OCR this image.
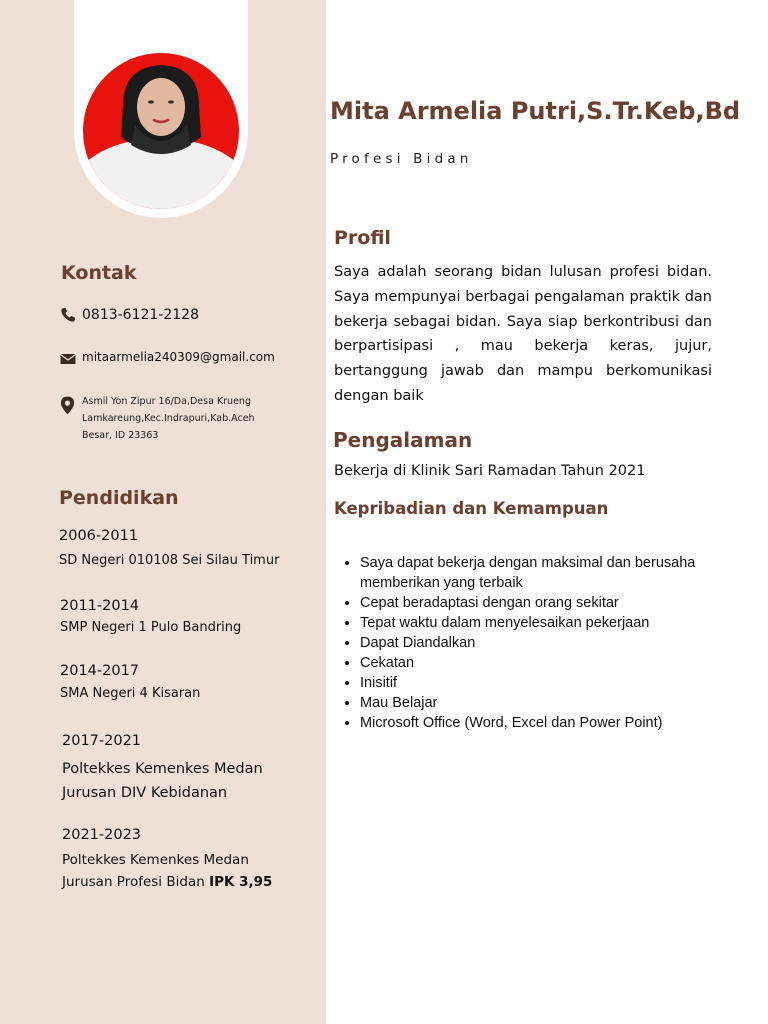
Kontak
0813-6121-2128
mitaarmelia240309@gmail.com
Asmil Yon Zipur 16/Da,Desa Krueng
Lamkareung,Kec.Indrapuri,Kab.Aceh
Besar, ID 23363
Pendidikan
2006-2011
SD Negeri 010108 Sei Silau Timur
2011-2014
SMP Negeri 1 Pulo Bandring
2014-2017
SMA Negeri 4 Kisaran
2017-2021
Poltekkes Kemenkes Medan
Jurusan DIV Kebidanan
2021-2023
Poltekkes Kemenkes Medan
Jurusan Profesi Bidan IPK 3,95
Mita Armelia Putri,S.Tr.Keb,Bd
Profesi Bidan
Profil

Saya adalah seorang bidan lulusan profesi bidan. Saya mempunyai berbagai pengalaman praktik dan bekerja sebagai bidan. Saya siap berkontribusi dan berpartisipasi , mau bekerja keras, jujur, bertanggung jawab dan mampu berkomunikasi dengan baik

Pengalaman
Bekerja di Klinik Sari Ramadan Tahun 2021
Kepribadian dan Kemampuan
• Saya dapat bekerja dengan maksimal dan berusaha memberikan yang terbaik
• Cepat beradaptasi dengan orang sekitar
• Tepat waktu dalam menyelesaikan pekerjaan
• Dapat Diandalkan
• Cekatan
• Inisitif
• Mau Belajar
• Microsoft Office (Word, Excel dan Power Point)
